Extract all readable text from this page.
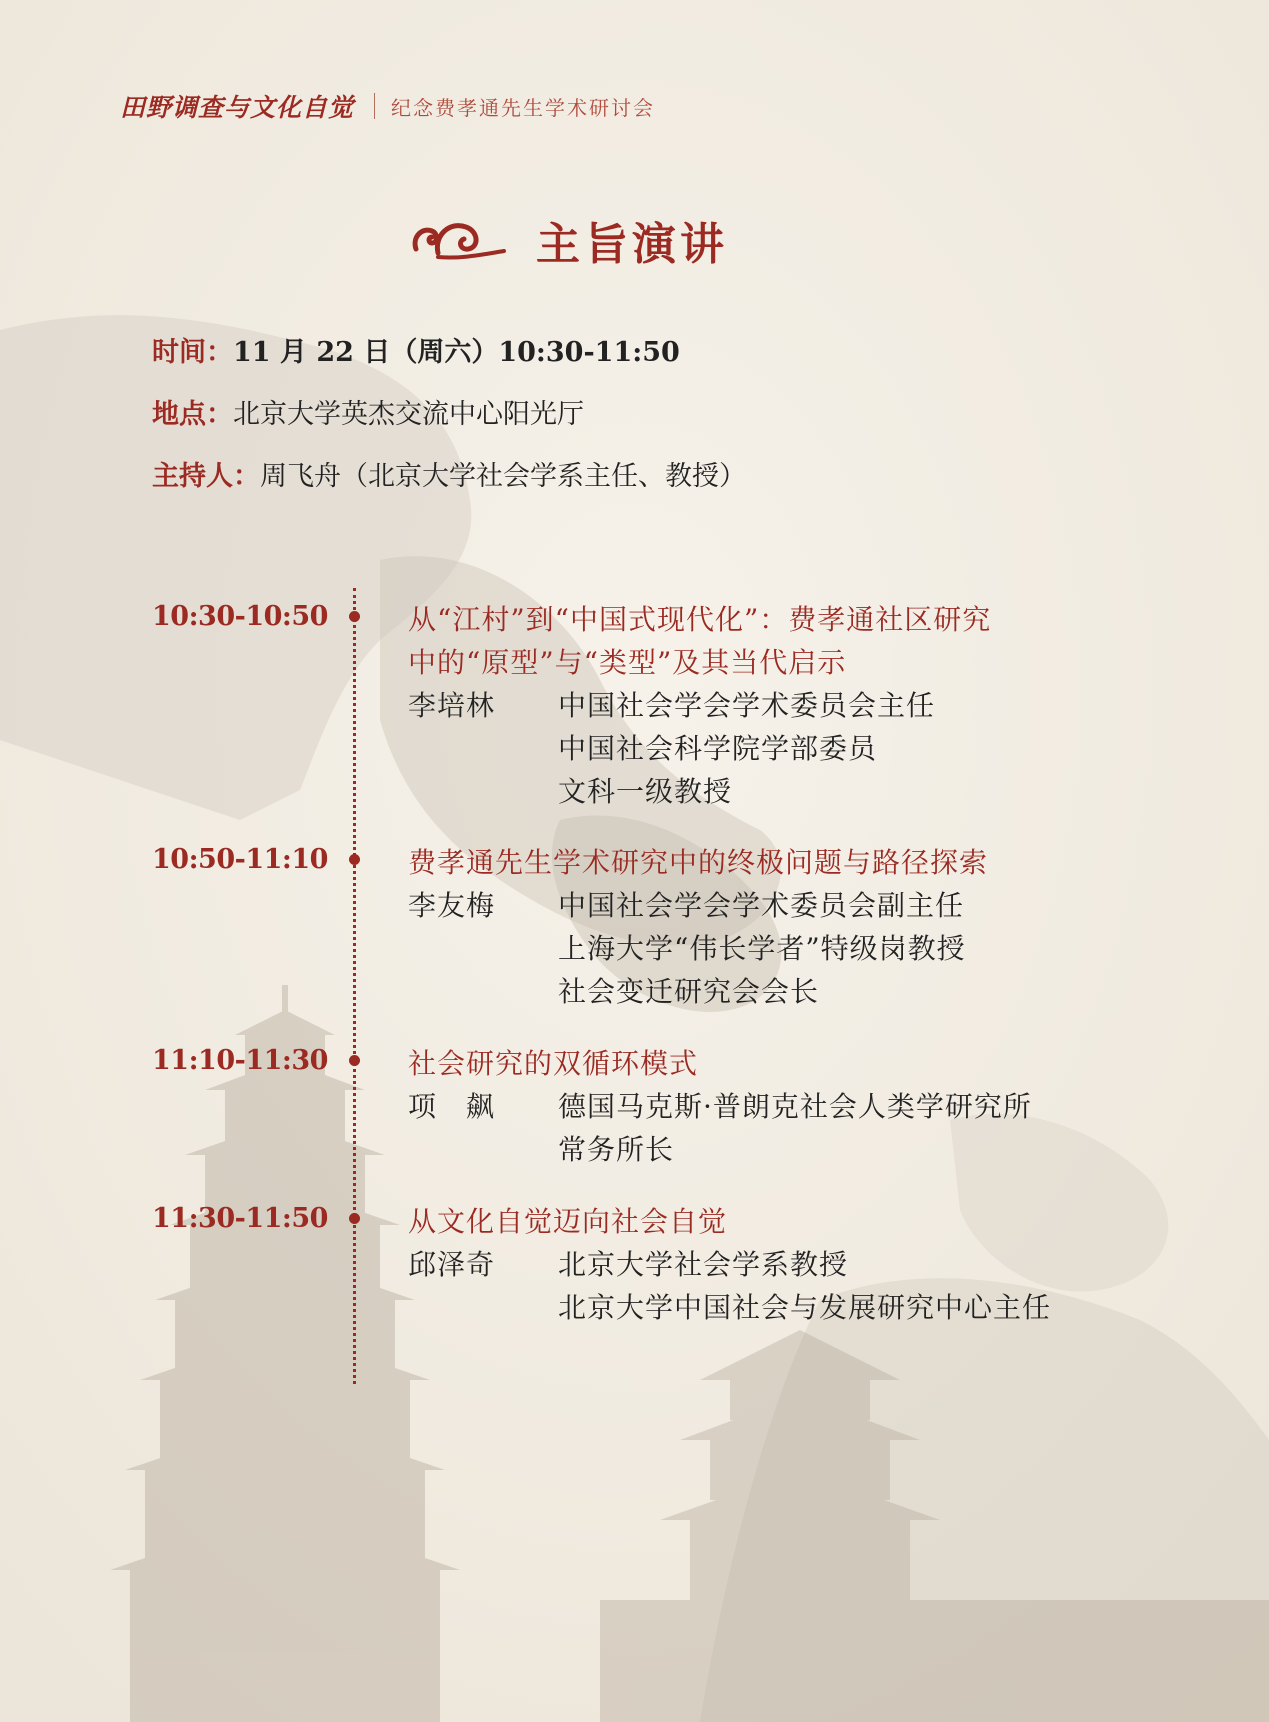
田野调查与文化自觉 纪念费孝通先生学术研讨会
主旨演讲
时间： 11 月 22 日（周六）10:30-11:50
地点： 北京大学英杰交流中心阳光厅
主持人： 周飞舟（北京大学社会学系主任、教授）
10:30-10:50	从“江村”到“中国式现代化”：费孝通社区研究
中的“原型”与“类型”及其当代启示
李培林 中国社会学会学术委员会主任
中国社会科学院学部委员
文科一级教授
10:50-11:10	费孝通先生学术研究中的终极问题与路径探索
李友梅 中国社会学会学术委员会副主任
上海大学“伟长学者”特级岗教授
社会变迁研究会会长
11:10-11:30	社会研究的双循环模式
项飙 德国马克斯·普朗克社会人类学研究所
常务所长
11:30-11:50	从文化自觉迈向社会自觉
邱泽奇 北京大学社会学系教授
北京大学中国社会与发展研究中心主任
